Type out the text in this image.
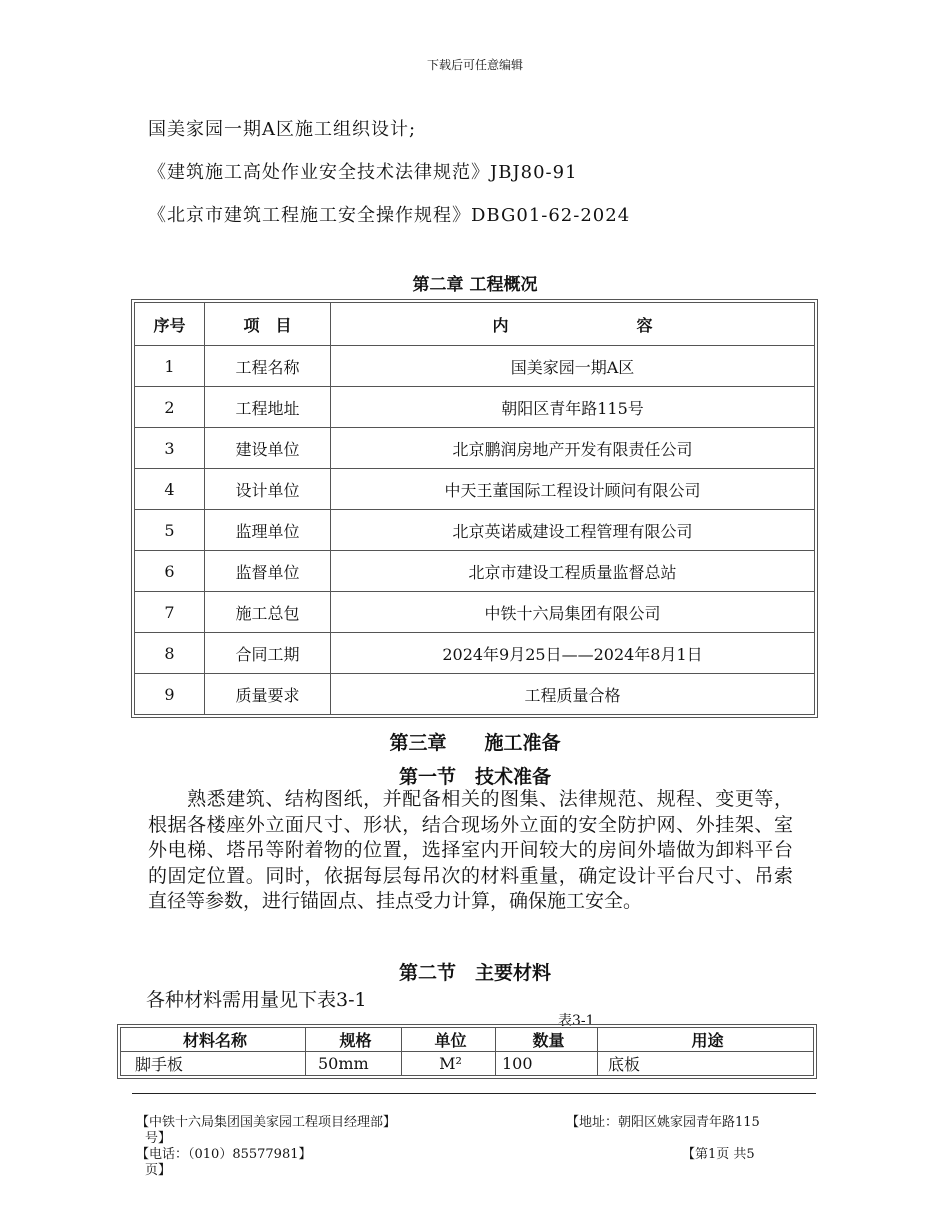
下载后可任意编辑
国美家园一期A区施工组织设计;
《建筑施工高处作业安全技术法律规范》JBJ80-91
《北京市建筑工程施工安全操作规程》DBG01-62-2024
第二章 工程概况
序号	项　目	内　　　　　　　　容
1	工程名称	国美家园一期A区
2	工程地址	朝阳区青年路115号
3	建设单位	北京鹏润房地产开发有限责任公司
4	设计单位	中天王董国际工程设计顾问有限公司
5	监理单位	北京英诺威建设工程管理有限公司
6	监督单位	北京市建设工程质量监督总站
7	施工总包	中铁十六局集团有限公司
8	合同工期	2024年9月25日——2024年8月1日
9	质量要求	工程质量合格
第三章　　施工准备
第一节　技术准备
　　熟悉建筑、结构图纸，并配备相关的图集、法律规范、规程、变更等，根据各楼座外立面尺寸、形状，结合现场外立面的安全防护网、外挂架、室外电梯、塔吊等附着物的位置，选择室内开间较大的房间外墙做为卸料平台的固定位置。同时，依据每层每吊次的材料重量，确定设计平台尺寸、吊索直径等参数，进行锚固点、挂点受力计算，确保施工安全。
第二节　主要材料
各种材料需用量见下表3-1
表3-1
材料名称	规格	单位	数量	用途
脚手板	50mm	M²	100	底板
【中铁十六局集团国美家园工程项目经理部】	【地址：朝阳区姚家园青年路115
号】
【电话：（010）85577981】	【第1页 共5
页】
